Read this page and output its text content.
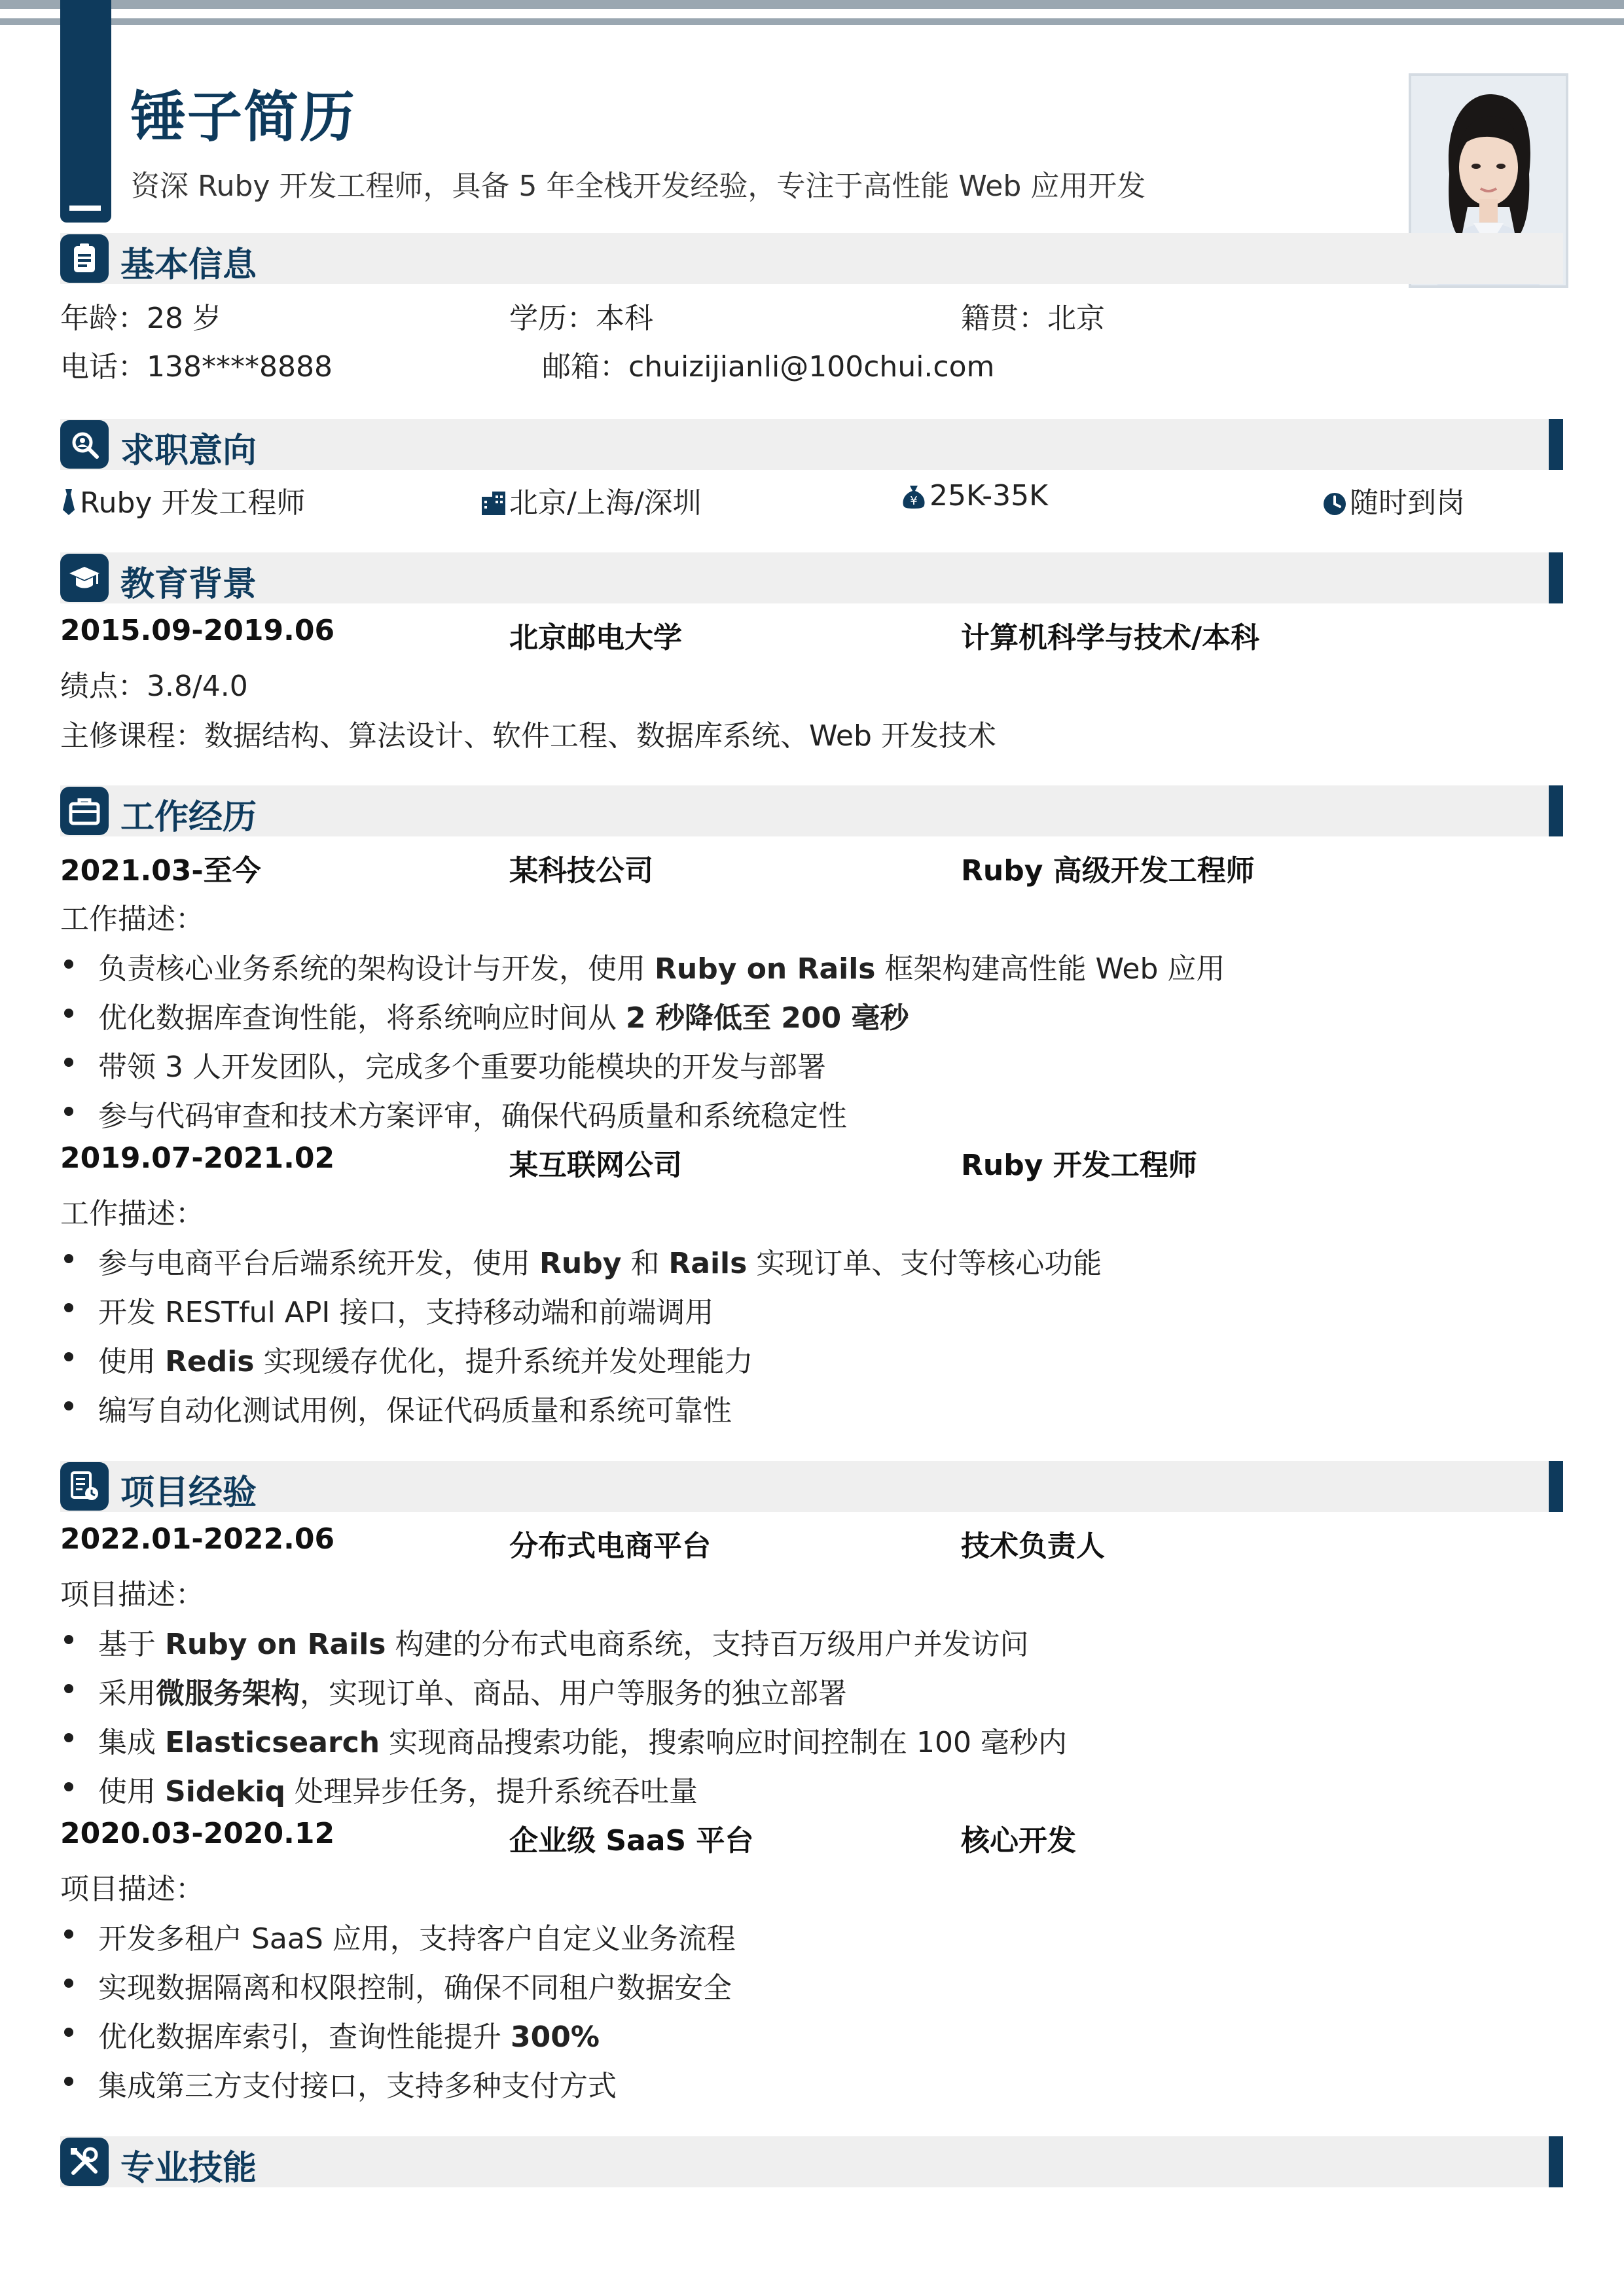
锤子简历
资深 Ruby 开发工程师，具备 5 年全栈开发经验，专注于高性能 Web 应用开发
基本信息
年龄：28 岁	学历：本科	籍贯：北京
电话：138****8888	邮箱：chuizijianli@100chui.com
求职意向
Ruby 开发工程师	北京/上海/深圳	¥ 25K-35K	随时到岗
教育背景
2015.09-2019.06	北京邮电大学	计算机科学与技术/本科
绩点：3.8/4.0
主修课程：数据结构、算法设计、软件工程、数据库系统、Web 开发技术
工作经历
2021.03-至今	某科技公司	Ruby 高级开发工程师
工作描述：
负责核心业务系统的架构设计与开发，使用 Ruby on Rails 框架构建高性能 Web 应用
优化数据库查询性能，将系统响应时间从 2 秒降低至 200 毫秒
带领 3 人开发团队，完成多个重要功能模块的开发与部署
参与代码审查和技术方案评审，确保代码质量和系统稳定性
2019.07-2021.02	某互联网公司	Ruby 开发工程师
工作描述：
参与电商平台后端系统开发，使用 Ruby 和 Rails 实现订单、支付等核心功能
开发 RESTful API 接口，支持移动端和前端调用
使用 Redis 实现缓存优化，提升系统并发处理能力
编写自动化测试用例，保证代码质量和系统可靠性
项目经验
2022.01-2022.06	分布式电商平台	技术负责人
项目描述：
基于 Ruby on Rails 构建的分布式电商系统，支持百万级用户并发访问
采用微服务架构，实现订单、商品、用户等服务的独立部署
集成 Elasticsearch 实现商品搜索功能，搜索响应时间控制在 100 毫秒内
使用 Sidekiq 处理异步任务，提升系统吞吐量
2020.03-2020.12	企业级 SaaS 平台	核心开发
项目描述：
开发多租户 SaaS 应用，支持客户自定义业务流程
实现数据隔离和权限控制，确保不同租户数据安全
优化数据库索引，查询性能提升 300%
集成第三方支付接口，支持多种支付方式
专业技能
